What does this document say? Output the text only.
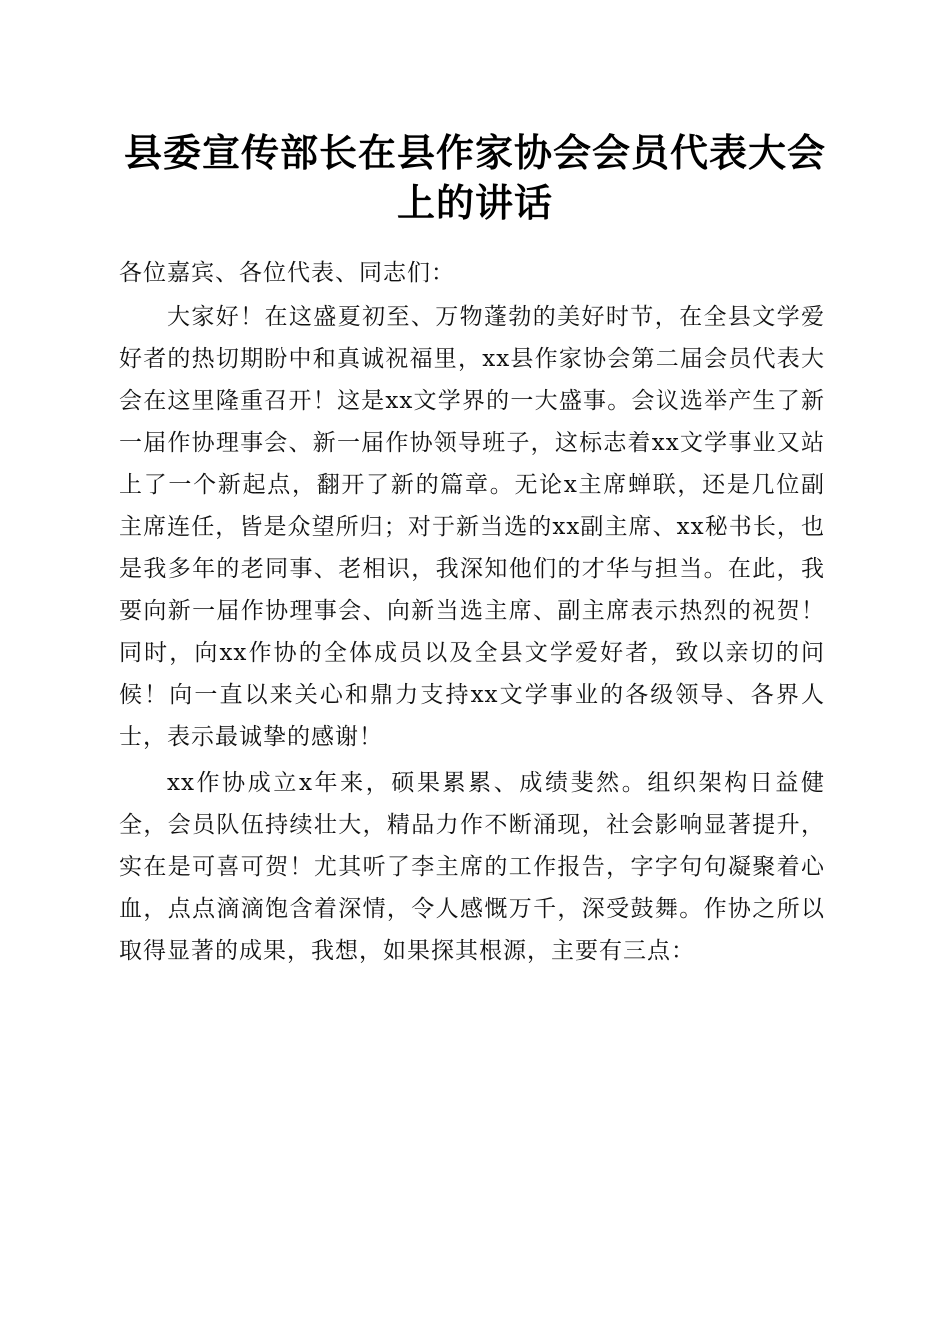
县委宣传部长在县作家协会会员代表大会上的讲话

各位嘉宾、各位代表、同志们：

大家好！在这盛夏初至、万物蓬勃的美好时节，在全县文学爱好者的热切期盼中和真诚祝福里，xx县作家协会第二届会员代表大会在这里隆重召开！这是xx文学界的一大盛事。会议选举产生了新一届作协理事会、新一届作协领导班子，这标志着xx文学事业又站上了一个新起点，翻开了新的篇章。无论x主席蝉联，还是几位副主席连任，皆是众望所归；对于新当选的xx副主席、xx秘书长，也是我多年的老同事、老相识，我深知他们的才华与担当。在此，我要向新一届作协理事会、向新当选主席、副主席表示热烈的祝贺！同时，向xx作协的全体成员以及全县文学爱好者，致以亲切的问候！向一直以来关心和鼎力支持xx文学事业的各级领导、各界人士，表示最诚挚的感谢！

xx作协成立x年来，硕果累累、成绩斐然。组织架构日益健全，会员队伍持续壮大，精品力作不断涌现，社会影响显著提升，实在是可喜可贺！尤其听了李主席的工作报告，字字句句凝聚着心血，点点滴滴饱含着深情，令人感慨万千，深受鼓舞。作协之所以取得显著的成果，我想，如果探其根源，主要有三点：
